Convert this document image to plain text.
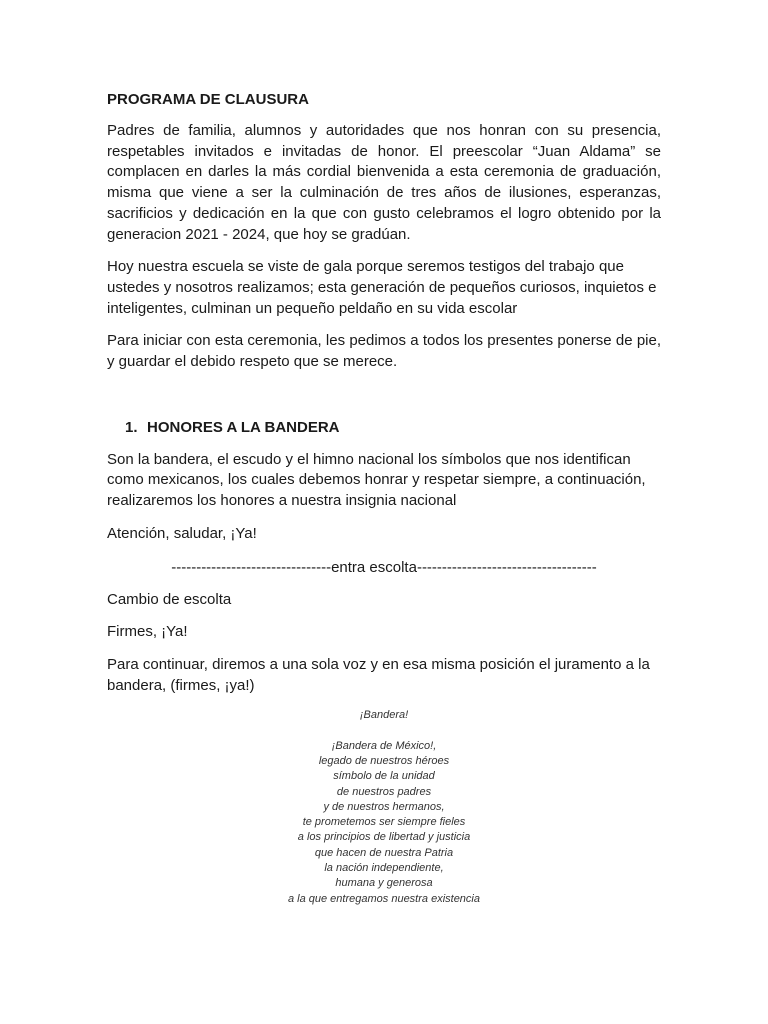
PROGRAMA DE CLAUSURA

Padres de familia, alumnos y autoridades que nos honran con su presencia, respetables invitados e invitadas de honor. El preescolar “Juan Aldama” se complacen en darles la más cordial bienvenida a esta ceremonia de graduación, misma que viene a ser la culminación de tres años de ilusiones, esperanzas, sacrificios y dedicación en la que con gusto celebramos el logro obtenido por la generacion 2021 - 2024, que hoy se gradúan.

Hoy nuestra escuela se viste de gala porque seremos testigos del trabajo que ustedes y nosotros realizamos; esta generación de pequeños curiosos, inquietos e inteligentes, culminan un pequeño peldaño en su vida escolar

Para iniciar con esta ceremonia, les pedimos a todos los presentes ponerse de pie, y guardar el debido respeto que se merece.

1. HONORES A LA BANDERA

Son la bandera, el escudo y el himno nacional los símbolos que nos identifican como mexicanos, los cuales debemos honrar y respetar siempre, a continuación, realizaremos los honores a nuestra insignia nacional

Atención, saludar, ¡Ya!

--------------------------------entra escolta------------------------------------

Cambio de escolta

Firmes, ¡Ya!

Para continuar, diremos a una sola voz y en esa misma posición el juramento a la bandera, (firmes, ¡ya!)

¡Bandera!
¡Bandera de México!,
legado de nuestros héroes
símbolo de la unidad
de nuestros padres
y de nuestros hermanos,
te prometemos ser siempre fieles
a los principios de libertad y justicia
que hacen de nuestra Patria
la nación independiente,
humana y generosa
a la que entregamos nuestra existencia
